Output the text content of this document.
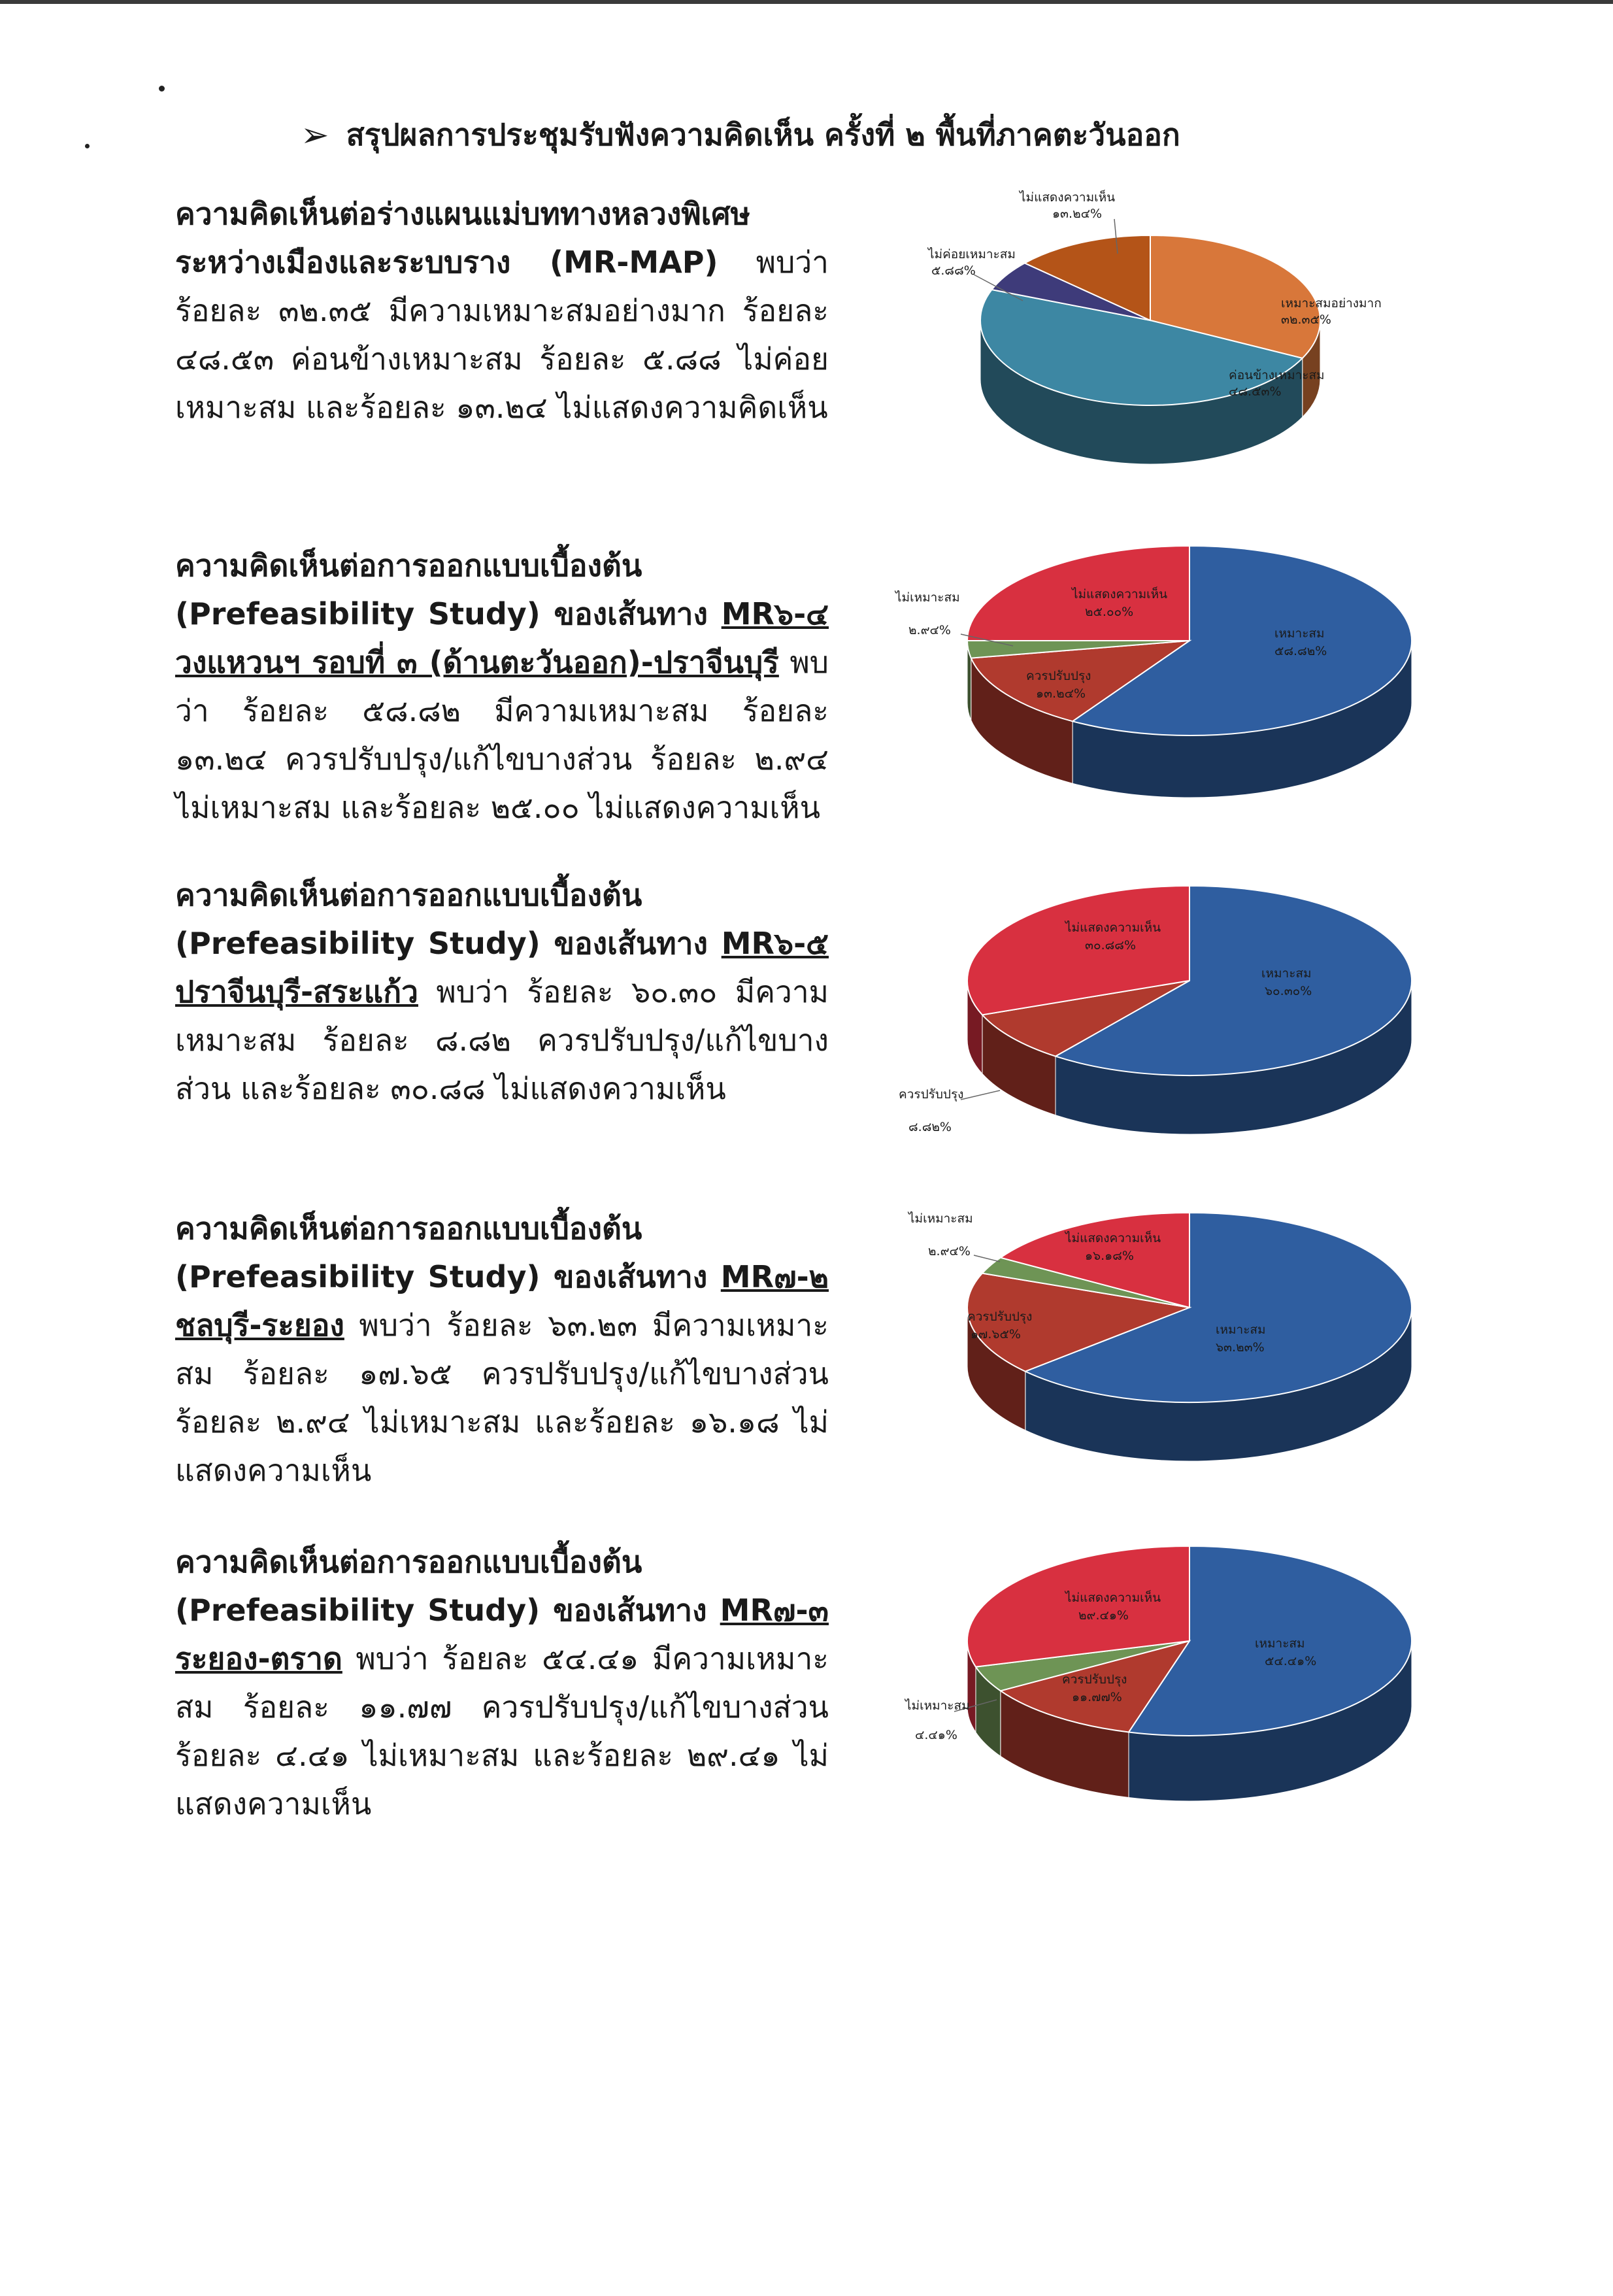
➢ สรุปผลการประชุมรับฟังความคิดเห็น ครั้งที่ ๒ พื้นที่ภาคตะวันออก
ความคิดเห็นต่อร่างแผนแม่บททางหลวงพิเศษระหว่างเมืองและระบบราง (MR-MAP) พบว่า ร้อยละ ๓๒.๓๕ มีความเหมาะสมอย่างมาก ร้อยละ ๔๘.๕๓ ค่อนข้างเหมาะสม ร้อยละ ๕.๘๘ ไม่ค่อยเหมาะสม และร้อยละ ๑๓.๒๔ ไม่แสดงความคิดเห็น
ความคิดเห็นต่อการออกแบบเบื้องต้น (Prefeasibility Study) ของเส้นทาง MR๖-๔ วงแหวนฯ รอบที่ ๓ (ด้านตะวันออก)-ปราจีนบุรี พบว่า ร้อยละ ๕๘.๘๒ มีความเหมาะสม ร้อยละ ๑๓.๒๔ ควรปรับปรุง/แก้ไขบางส่วน ร้อยละ ๒.๙๔ ไม่เหมาะสม และร้อยละ ๒๕.๐๐ ไม่แสดงความเห็น
ความคิดเห็นต่อการออกแบบเบื้องต้น (Prefeasibility Study) ของเส้นทาง MR๖-๕ ปราจีนบุรี-สระแก้ว พบว่า ร้อยละ ๖๐.๓๐ มีความเหมาะสม ร้อยละ ๘.๘๒ ควรปรับปรุง/แก้ไขบางส่วน และร้อยละ ๓๐.๘๘ ไม่แสดงความเห็น
ความคิดเห็นต่อการออกแบบเบื้องต้น (Prefeasibility Study) ของเส้นทาง MR๗-๒ ชลบุรี-ระยอง พบว่า ร้อยละ ๖๓.๒๓ มีความเหมาะสม ร้อยละ ๑๗.๖๕ ควรปรับปรุง/แก้ไขบางส่วน ร้อยละ ๒.๙๔ ไม่เหมาะสม และร้อยละ ๑๖.๑๘ ไม่แสดงความเห็น
ความคิดเห็นต่อการออกแบบเบื้องต้น (Prefeasibility Study) ของเส้นทาง MR๗-๓ ระยอง-ตราด พบว่า ร้อยละ ๕๔.๔๑ มีความเหมาะสม ร้อยละ ๑๑.๗๗ ควรปรับปรุง/แก้ไขบางส่วน ร้อยละ ๔.๔๑ ไม่เหมาะสม และร้อยละ ๒๙.๔๑ ไม่แสดงความเห็น
เหมาะสมอย่างมาก
๓๒.๓๕%
ค่อนข้างเหมาะสม
๔๘.๕๓%
ไม่ค่อยเหมาะสม
๕.๘๘%
ไม่แสดงความเห็น
๑๓.๒๔%
เหมาะสม
๕๘.๘๒%
ควรปรับปรุง
๑๓.๒๔%
ไม่เหมาะสม
๒.๙๔%
ไม่แสดงความเห็น
๒๕.๐๐%
เหมาะสม
๖๐.๓๐%
ควรปรับปรุง
๘.๘๒%
ไม่แสดงความเห็น
๓๐.๘๘%
เหมาะสม
๖๓.๒๓%
ควรปรับปรุง
๑๗.๖๕%
ไม่เหมาะสม
๒.๙๔%
ไม่แสดงความเห็น
๑๖.๑๘%
เหมาะสม
๕๔.๔๑%
ควรปรับปรุง
๑๑.๗๗%
ไม่เหมาะสม
๔.๔๑%
ไม่แสดงความเห็น
๒๙.๔๑%
